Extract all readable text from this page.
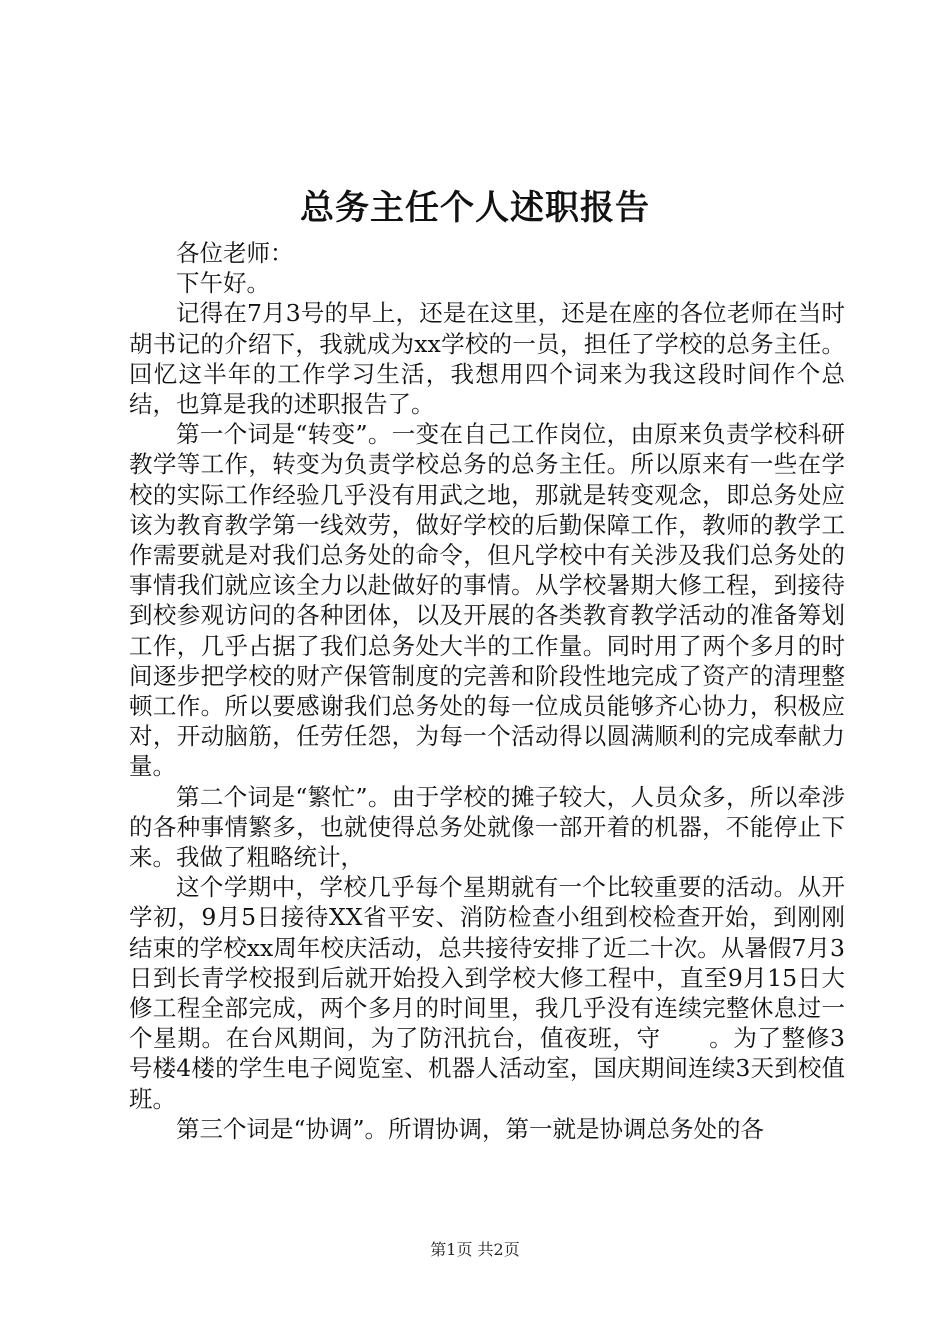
总务主任个人述职报告

各位老师：

下午好。

记得在7月3号的早上，还是在这里，还是在座的各位老师在当时胡书记的介绍下，我就成为xx学校的一员，担任了学校的总务主任。回忆这半年的工作学习生活，我想用四个词来为我这段时间作个总结，也算是我的述职报告了。

第一个词是“转变”。一变在自己工作岗位，由原来负责学校科研教学等工作，转变为负责学校总务的总务主任。所以原来有一些在学校的实际工作经验几乎没有用武之地，那就是转变观念，即总务处应该为教育教学第一线效劳，做好学校的后勤保障工作，教师的教学工作需要就是对我们总务处的命令，但凡学校中有关涉及我们总务处的事情我们就应该全力以赴做好的事情。从学校暑期大修工程，到接待到校参观访问的各种团体，以及开展的各类教育教学活动的准备筹划工作，几乎占据了我们总务处大半的工作量。同时用了两个多月的时间逐步把学校的财产保管制度的完善和阶段性地完成了资产的清理整顿工作。所以要感谢我们总务处的每一位成员能够齐心协力，积极应对，开动脑筋，任劳任怨，为每一个活动得以圆满顺利的完成奉献力量。

第二个词是“繁忙”。由于学校的摊子较大，人员众多，所以牵涉的各种事情繁多，也就使得总务处就像一部开着的机器，不能停止下来。我做了粗略统计，

这个学期中，学校几乎每个星期就有一个比较重要的活动。从开学初，9月5日接待XX省平安、消防检查小组到校检查开始，到刚刚结束的学校xx周年校庆活动，总共接待安排了近二十次。从暑假7月3日到长青学校报到后就开始投入到学校大修工程中，直至9月15日大修工程全部完成，两个多月的时间里，我几乎没有连续完整休息过一个星期。在台风期间，为了防汛抗台，值夜班，守　　。为了整修3号楼4楼的学生电子阅览室、机器人活动室，国庆期间连续3天到校值班。

第三个词是“协调”。所谓协调，第一就是协调总务处的各

第1页 共2页
